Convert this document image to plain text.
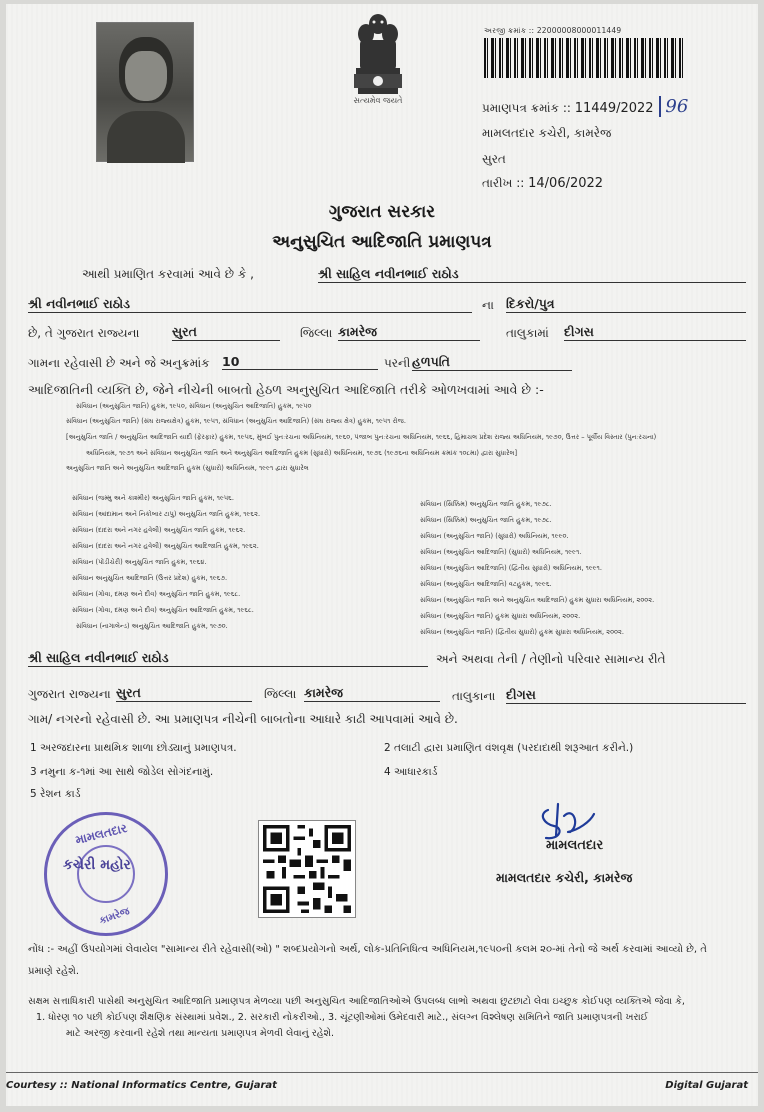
સત્યમેવ જયતે
અરજી ક્રમાંક :: 22000008000011449
પ્રમાણપત્ર ક્રમાંક :: 11449/2022 96
મામલતદાર કચેરી, કામરેજ
સુરત
તારીખ :: 14/06/2022
ગુજરાત સરકાર
અનુસુચિત આદિજાતિ પ્રમાણપત્ર
આથી પ્રમાણિત કરવામાં આવે છે કે ,	શ્રી સાહિલ નવીનભાઈ રાઠોડ
શ્રી નવીનભાઈ રાઠોડ	ના દિકરો/પુત્ર
છે, તે ગુજરાત રાજ્યના	સુરત	જિલ્લા કામરેજ	તાલુકામાં દીગસ
ગામના રહેવાસી છે અને જે અનુક્રમાંક 10	પરની હળપતિ
આદિજાતિની વ્યક્તિ છે, જેને નીચેની બાબતો હેઠળ અનુસુચિત આદિજાતિ તરીકે ઓળખવામાં આવે છે :-
સંવિધાન (અનુસુચિત જાતિ) હુકમ, ૧૯૫૦, સંવિધાન (અનુસુચિત આદિજાતિ) હુકમ, ૧૯૫૦
સંવિધાન (અનુસુચિત જાતિ) (સંઘ રાજ્યક્ષેત્ર) હુકમ, ૧૯૫૧, સંવિધાન (અનુસુચિત આદિજાતિ) (સંઘ રાજ્ય ક્ષેત્ર) હુકમ, ૧૯૫૧ રોજ.
[અનુસુચિત જાતિ / અનુસુચિત આદિજાતિ યાદી (ફેરફાર) હુકમ, ૧૯૫૬, મુંબઈ પુનઃરચના અધિનિયમ, ૧૯૬૦, પંજાબ પુનઃરચના અધિનિયમ, ૧૯૬૬, હિમાચલ પ્રદેશ રાજ્ય અધિનિયમ, ૧૯૭૦, ઉત્તર – પૂર્વીય વિસ્તાર (પુનઃરચના)
અધિનિયમ, ૧૯૭૧ અને સંવિધાન અનુસુચિત જાતિ અને અનુસુચિત આદિજાતિ હુકમ (સુધારો) અધિનિયમ, ૧૯૭૬ (૧૯૭૬ના અધિનિયમ ક્રમાંક ૧૦૮મા) દ્વારા સુધારેલ]
અનુસુચિત જાતિ અને અનુસુચિત આદિજાતિ હુકમ (સુધારો) અધિનિયમ, ૧૯૯૧ દ્વારા સુધારેલ
સંવિધાન (જમ્મુ અને કાશ્મીર) અનુસુચિત જાતિ હુકમ, ૧૯૫૬.
સંવિધાન (આંદામાન અને નિકોબાર ટાપુ) અનુસુચિત જાતિ હુકમ, ૧૯૬૨.
સંવિધાન (દાદરા અને નગર હવેલી) અનુસુચિત જાતિ હુકમ, ૧૯૬૨.
સંવિધાન (દાદરા અને નગર હવેલી) અનુસુચિત આદિજાતિ હુકમ, ૧૯૬૨.
સંવિધાન (પોંડીચેરી) અનુસુચિત જાતિ હુકમ, ૧૯૬૪.
સંવિધાન અનુસુચિત આદિજાતિ (ઉત્તર પ્રદેશ) હુકમ, ૧૯૬૭.
સંવિધાન (ગોવા, દમણ અને દીવ) અનુસુચિત જાતિ હુકમ, ૧૯૬૮.
સંવિધાન (ગોવા, દમણ અને દીવ) અનુસુચિત આદિજાતિ હુકમ, ૧૯૬૮.
સંવિધાન (નાગાલેન્ડ) અનુસુચિત આદિજાતિ હુકમ, ૧૯૭૦.
સંવિધાન (સિક્કિમ) અનુસુચિત જાતિ હુકમ, ૧૯૭૮.
સંવિધાન (સિક્કિમ) અનુસુચિત જાતિ હુકમ, ૧૯૭૮.
સંવિધાન (અનુસુચિત જાતિ) (સુધારો) અધિનિયમ, ૧૯૯૦.
સંવિધાન (અનુસુચિત આદિજાતિ) (સુધારો) અધિનિયમ, ૧૯૯૧.
સંવિધાન (અનુસુચિત આદિજાતિ) (દ્વિતીય સુધારો) અધિનિયમ, ૧૯૯૧.
સંવિધાન (અનુસુચિત આદિજાતિ) વટહુકમ, ૧૯૯૬.
સંવિધાન (અનુસુચિત જાતિ અને અનુસુચિત આદિજાતિ) હુકમ સુધારા અધિનિયમ, ૨૦૦૨.
સંવિધાન (અનુસુચિત જાતિ) હુકમ સુધારા અધિનિયમ, ૨૦૦૨.
સંવિધાન (અનુસુચિત જાતિ) (દ્વિતીય સુધારો) હુકમ સુધારા અધિનિયમ, ૨૦૦૨.
શ્રી સાહિલ નવીનભાઈ રાઠોડ	અને અથવા તેની / તેણીનો પરિવાર સામાન્ય રીતે
ગુજરાત રાજ્યના સુરત	જિલ્લા કામરેજ	તાલુકાના દીગસ
ગામ/ નગરનો રહેવાસી છે. આ પ્રમાણપત્ર નીચેની બાબતોના આધારે કાઢી આપવામાં આવે છે.
1 અરજદારના પ્રાથમિક શાળા છોડ્યાનું પ્રમાણપત્ર.	2 તલાટી દ્વારા પ્રમાણિત વંશવૃક્ષ (પરદાદાથી શરૂઆત કરીને.)
3 નમુના ક-૧માં આ સાથે જોડેલ સોગંદનામું.	4 આધારકાર્ડ
5 રેશન કાર્ડ
મામલતદાર
કચેરી મહોર
કામરેજ
મામલતદાર
મામલતદાર કચેરી, કામરેજ
નોંધ :- અહીં ઉપયોગમાં લેવાયેલ "સામાન્ય રીતે રહેવાસી(ઓ) " શબ્દપ્રયોગનો અર્થ, લોક-પ્રતિનિધિત્વ અધિનિયમ,૧૯૫૦ની કલમ ૨૦-માં તેનો જે અર્થ કરવામાં આવ્યો છે, તે
પ્રમાણે રહેશે.
સક્ષમ સત્તાધિકારી પાસેથી અનુસુચિત આદિજાતિ પ્રમાણપત્ર મેળવ્યા પછી અનુસુચિત આદિજાતિઓએ ઉપલબ્ધ લાભો અથવા છુટછાટો લેવા ઇચ્છુક કોઈપણ વ્યક્તિએ જેવા કે,
1. ધોરણ ૧૦ પછી કોઈપણ શૈક્ષણિક સંસ્થામાં પ્રવેશ., 2. સરકારી નોકરીઓ., 3. ચૂંટણીઓમાં ઉમેદવારી માટે., સંલગ્ન વિશ્લેષણ સમિતિને જાતિ પ્રમાણપત્રની ખરાઈ
માટે અરજી કરવાની રહેશે તથા માન્યતા પ્રમાણપત્ર મેળવી લેવાનું રહેશે.
Courtesy :: National Informatics Centre, Gujarat	Digital Gujarat
